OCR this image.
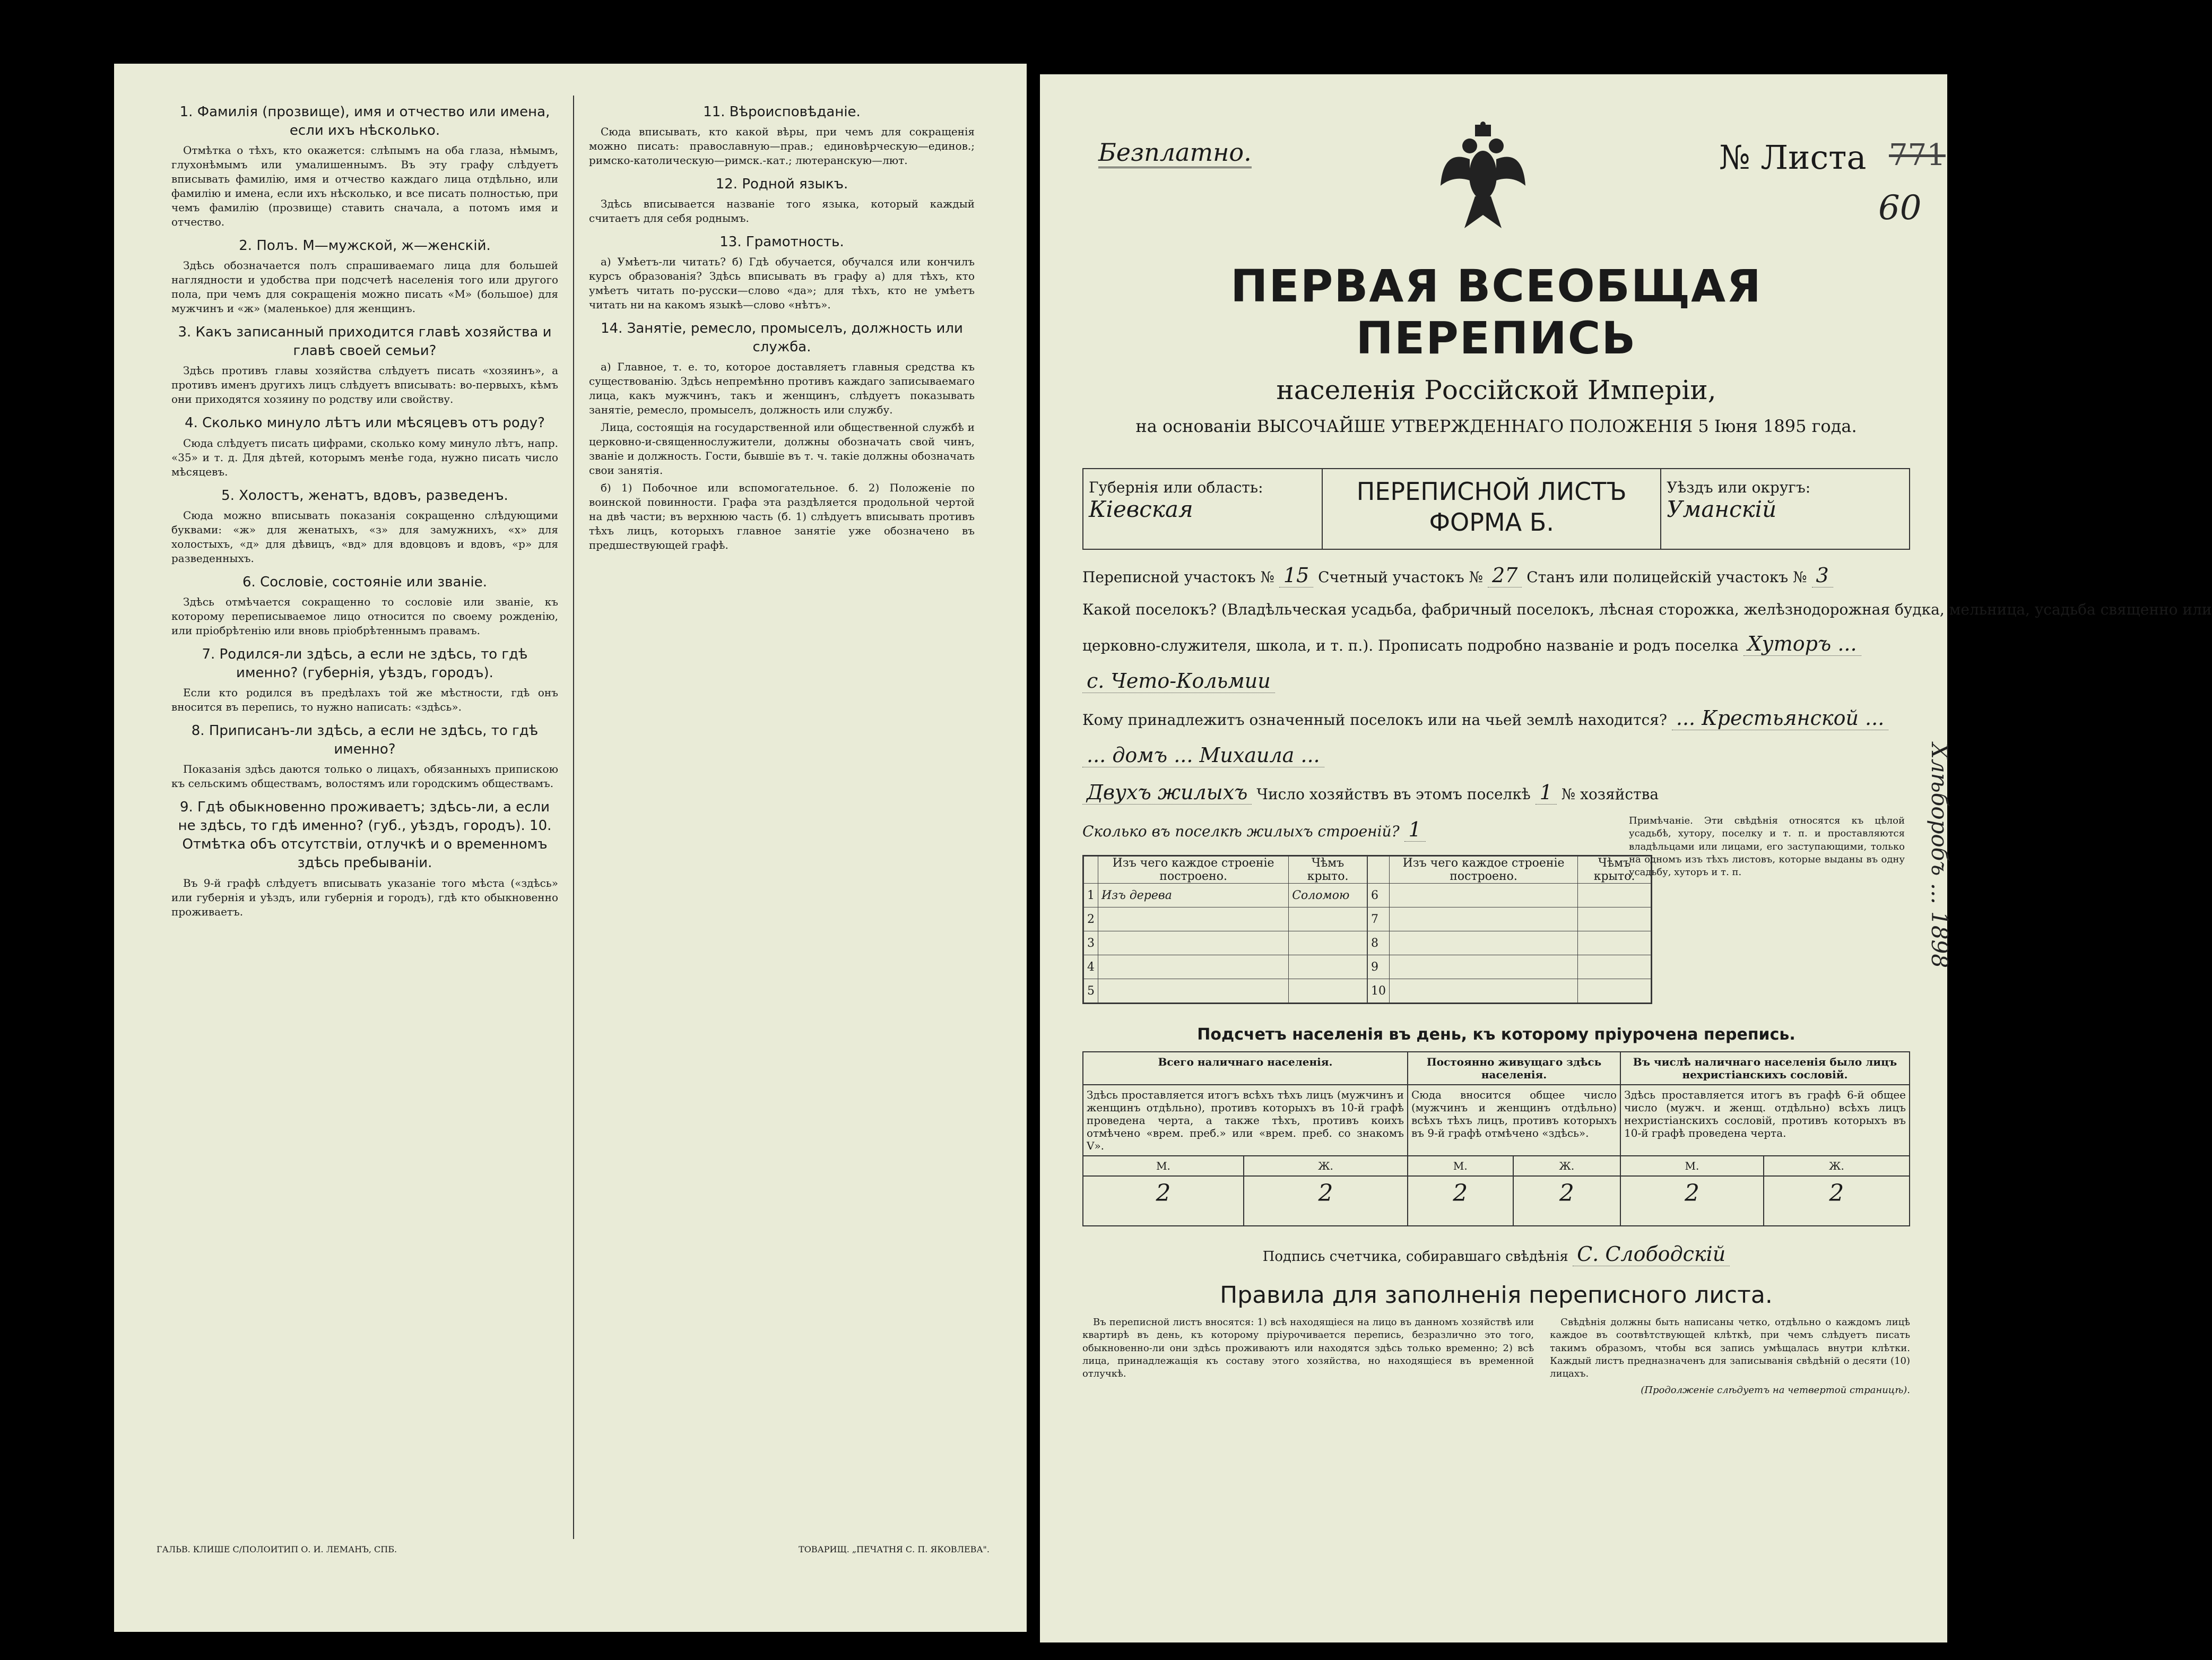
1. Фамилія (прозвище), имя и отчество или имена, если ихъ нѣсколько.

Отмѣтка о тѣхъ, кто окажется: слѣпымъ на оба глаза, нѣмымъ, глухонѣмымъ или умалишеннымъ. Въ эту графу слѣдуетъ вписывать фамилію, имя и отчество каждаго лица отдѣльно, или фамилію и имена, если ихъ нѣсколько, и все писать полностью, при чемъ фамилію (прозвище) ставить сначала, а потомъ имя и отчество.

2. Полъ. М—мужской, ж—женскій.

Здѣсь обозначается полъ спрашиваемаго лица для большей наглядности и удобства при подсчетѣ населенія того или другого пола, при чемъ для сокращенія можно писать «М» (большое) для мужчинъ и «ж» (маленькое) для женщинъ.

3. Какъ записанный приходится главѣ хозяйства и главѣ своей семьи?

Здѣсь противъ главы хозяйства слѣдуетъ писать «хозяинъ», а противъ именъ другихъ лицъ слѣдуетъ вписывать: во-первыхъ, кѣмъ они приходятся хозяину по родству или свойству.

4. Сколько минуло лѣтъ или мѣсяцевъ отъ роду?

Сюда слѣдуетъ писать цифрами, сколько кому минуло лѣтъ, напр. «35» и т. д. Для дѣтей, которымъ менѣе года, нужно писать число мѣсяцевъ.

5. Холостъ, женатъ, вдовъ, разведенъ.

Сюда можно вписывать показанія сокращенно слѣдующими буквами: «ж» для женатыхъ, «з» для замужнихъ, «х» для холостыхъ, «д» для дѣвицъ, «вд» для вдовцовъ и вдовъ, «р» для разведенныхъ.

6. Сословіе, состояніе или званіе.

Здѣсь отмѣчается сокращенно то сословіе или званіе, къ которому переписываемое лицо относится по своему рожденію, или пріобрѣтенію или вновь пріобрѣтеннымъ правамъ.

7. Родился-ли здѣсь, а если не здѣсь, то гдѣ именно? (губернія, уѣздъ, городъ).

Если кто родился въ предѣлахъ той же мѣстности, гдѣ онъ вносится въ перепись, то нужно написать: «здѣсь».

8. Приписанъ-ли здѣсь, а если не здѣсь, то гдѣ именно?

Показанія здѣсь даются только о лицахъ, обязанныхъ припискою къ сельскимъ обществамъ, волостямъ или городскимъ обществамъ.

9. Гдѣ обыкновенно проживаетъ; здѣсь-ли, а если не здѣсь, то гдѣ именно? (губ., уѣздъ, городъ). 10. Отмѣтка объ отсутствіи, отлучкѣ и о временномъ здѣсь пребываніи.

Въ 9-й графѣ слѣдуетъ вписывать указаніе того мѣста («здѣсь» или губернія и уѣздъ, или губернія и городъ), гдѣ кто обыкновенно проживаетъ.

11. Вѣроисповѣданіе.

Сюда вписывать, кто какой вѣры, при чемъ для сокращенія можно писать: православную—прав.; единовѣрческую—единов.; римско-католическую—римск.-кат.; лютеранскую—лют.

12. Родной языкъ.

Здѣсь вписывается названіе того языка, который каждый считаетъ для себя роднымъ.

13. Грамотность.

а) Умѣетъ-ли читать? б) Гдѣ обучается, обучался или кончилъ курсъ образованія? Здѣсь вписывать въ графу а) для тѣхъ, кто умѣетъ читать по-русски—слово «да»; для тѣхъ, кто не умѣетъ читать ни на какомъ языкѣ—слово «нѣтъ».

14. Занятіе, ремесло, промыселъ, должность или служба.

а) Главное, т. е. то, которое доставляетъ главныя средства къ существованію. Здѣсь непремѣнно противъ каждаго записываемаго лица, какъ мужчинъ, такъ и женщинъ, слѣдуетъ показывать занятіе, ремесло, промыселъ, должность или службу.

Лица, состоящія на государственной или общественной службѣ и церковно-и-священнослужители, должны обозначать свой чинъ, званіе и должность. Гости, бывшіе въ т. ч. такіе должны обозначать свои занятія.

б) 1) Побочное или вспомогательное. б. 2) Положеніе по воинской повинности. Графа эта раздѣляется продольной чертой на двѣ части; въ верхнюю часть (б. 1) слѣдуетъ вписывать противъ тѣхъ лицъ, которыхъ главное занятіе уже обозначено въ предшествующей графѣ.

ГАЛЬВ. КЛИШЕ С/ПОЛОИТИП О. И. ЛЕМАНЪ, СПБ.	ТОВАРИЩ. „ПЕЧАТНЯ С. П. ЯКОВЛЕВА".
Безплатно.	№ Листа 771
60
ПЕРВАЯ ВСЕОБЩАЯ ПЕРЕПИСЬ
населенія Россійской Имперіи,
на основаніи ВЫСОЧАЙШЕ УТВЕРЖДЕННАГО ПОЛОЖЕНІЯ 5 Іюня 1895 года.
Губернія или область:
Кіевская
ПЕРЕПИСНОЙ ЛИСТЪ
ФОРМА Б.
Уѣздъ или округъ:
Уманскій
Переписной участокъ № 15 Счетный участокъ № 27 Станъ или полицейскій участокъ № 3
Какой поселокъ? (Владѣльческая усадьба, фабричный поселокъ, лѣсная сторожка, желѣзнодорожная будка, мельница, усадьба священно или
церковно-служителя, школа, и т. п.). Прописать подробно названіе и родъ поселка Хуторъ ...
с. Чето-Кольмии
Кому принадлежитъ означенный поселокъ или на чьей землѣ находится? ... Крестьянской ...
... домъ ... Михаила ...
Двухъ жилыхъ Число хозяйствъ въ этомъ поселкѣ 1 № хозяйства
Сколько въ поселкѣ жилыхъ строеній? 1
	Изъ чего каждое строеніе построено.	Чѣмъ крыто.
1	Изъ дерева	Соломою
2		
3		
4		
5		
	Изъ чего каждое строеніе построено.	Чѣмъ крыто.
6		
7		
8		
9		
10		
Примѣчаніе. Эти свѣдѣнія относятся къ цѣлой усадьбѣ, хутору, поселку и т. п. и проставляются владѣльцами или лицами, его заступающими, только на одномъ изъ тѣхъ листовъ, которые выданы въ одну усадьбу, хуторъ и т. п.
Подсчетъ населенія въ день, къ которому пріурочена перепись.
Всего наличнаго населенія.		Постоянно живущаго здѣсь населенія.		Въ числѣ наличнаго населенія было лицъ нехристіанскихъ сословій.	
Здѣсь проставляется итогъ всѣхъ тѣхъ лицъ (мужчинъ и женщинъ отдѣльно), противъ которыхъ въ 10-й графѣ проведена черта, а также тѣхъ, противъ коихъ отмѣчено «врем. преб.» или «врем. преб. со знакомъ V».		Сюда вносится общее число (мужчинъ и женщинъ отдѣльно) всѣхъ тѣхъ лицъ, противъ которыхъ въ 9-й графѣ отмѣчено «здѣсь».		Здѣсь проставляется итогъ въ графѣ 6-й общее число (мужч. и женщ. отдѣльно) всѣхъ лицъ нехристіанскихъ сословій, противъ которыхъ въ 10-й графѣ проведена черта.	
М.	Ж.	М.	Ж.	М.	Ж.
2	2	2	2	2	2
Подпись счетчика, собиравшаго свѣдѣнія С. Слободскій
Правила для заполненія переписного листа.

Въ переписной листъ вносятся: 1) всѣ находящіеся на лицо въ данномъ хозяйствѣ или квартирѣ въ день, къ которому пріурочивается перепись, безразлично это того, обыкновенно-ли они здѣсь проживаютъ или находятся здѣсь только временно; 2) всѣ лица, принадлежащія къ составу этого хозяйства, но находящіеся въ временной отлучкѣ.

Свѣдѣнія должны быть написаны четко, отдѣльно о каждомъ лицѣ каждое въ соотвѣтствующей клѣткѣ, при чемъ слѣдуетъ писать такимъ образомъ, чтобы вся запись умѣщалась внутри клѣтки. Каждый листъ предназначенъ для записыванія свѣдѣній о десяти (10) лицахъ.

(Продолженіе слѣдуетъ на четвертой страницѣ).
Хлѣборобъ ... 1898
